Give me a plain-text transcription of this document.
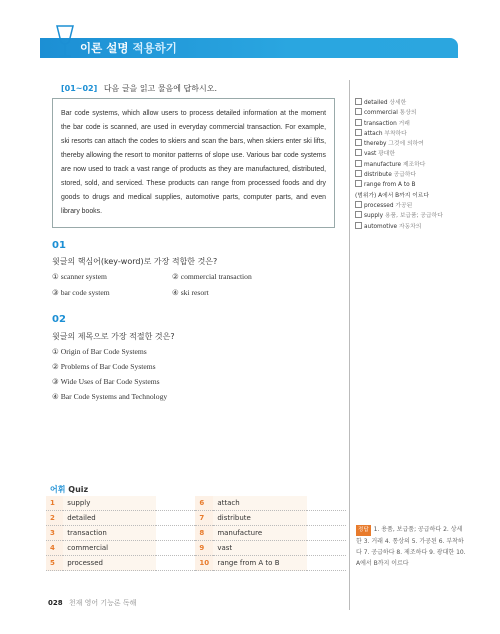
이론 설명 적용하기
[01~02] 다음 글을 읽고 물음에 답하시오.
Bar code systems, which allow users to process detailed information at the moment the bar code is scanned, are used in everyday commercial transaction. For example, ski resorts can attach the codes to skiers and scan the bars, when skiers enter ski lifts, thereby allowing the resort to monitor patterns of slope use. Various bar code systems are now used to track a vast range of products as they are manufactured, distributed, stored, sold, and serviced. These products can range from processed foods and dry goods to drugs and medical supplies, automotive parts, computer parts, and even library books.
detailed 상세한
commercial 통상의
transaction 거래
attach 부착하다
thereby 그것에 의하여
vast 광대한
manufacture 제조하다
distribute 공급하다
range from A to B
(범위가) A에서 B까지 이르다
processed 가공된
supply 용품, 보급품; 공급하다
automotive 자동차의
01
윗글의 핵심어(key-word)로 가장 적합한 것은?
① scanner system	② commercial transaction
③ bar code system	④ ski resort
02
윗글의 제목으로 가장 적절한 것은?
① Origin of Bar Code Systems
② Problems of Bar Code Systems
③ Wide Uses of Bar Code Systems
④ Bar Code Systems and Technology
어휘 Quiz
1	supply		6	attach	
2	detailed		7	distribute	
3	transaction		8	manufacture	
4	commercial		9	vast	
5	processed		10	range from A to B	
정답 1. 용품, 보급품; 공급하다 2. 상세한 3. 거래 4. 통상의 5. 가공된 6. 부착하다 7. 공급하다 8. 제조하다 9. 광대한 10. A에서 B까지 이르다
028 천재 영어 기능론 독해
